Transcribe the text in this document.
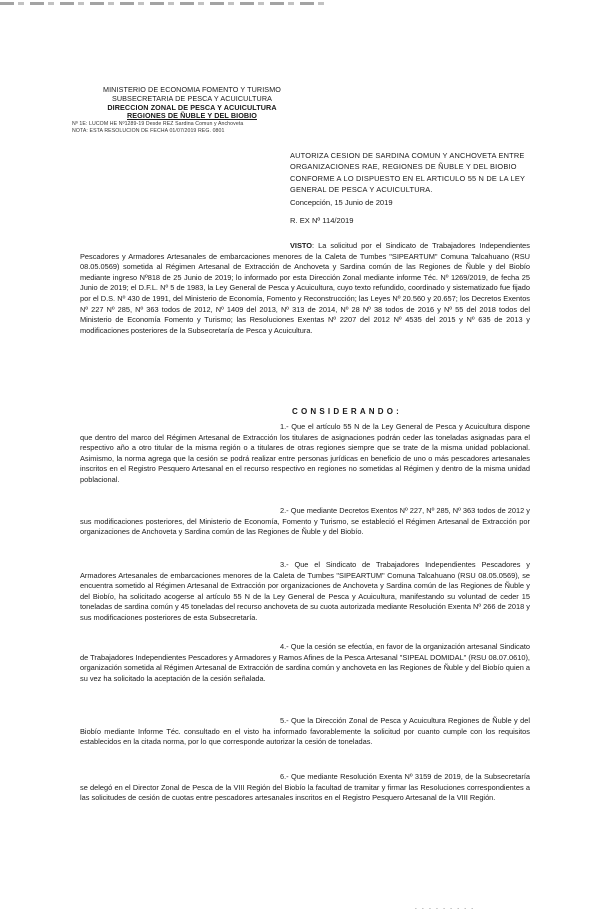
MINISTERIO DE ECONOMIA FOMENTO Y TURISMO
SUBSECRETARIA DE PESCA Y ACUICULTURA
DIRECCION ZONAL DE PESCA Y ACUICULTURA
REGIONES DE ÑUBLE Y DEL BIOBIO
Nº 1E: LUCOM HE Nº1289-19 Desde REZ Sardina Comun y Anchoveta
NOTA: ESTA RESOLUCION DE FECHA 01/07/2019 REG. 0801
AUTORIZA CESION DE SARDINA COMUN Y ANCHOVETA ENTRE ORGANIZACIONES RAE, REGIONES DE ÑUBLE Y DEL BIOBIO CONFORME A LO DISPUESTO EN EL ARTICULO 55 N DE LA LEY GENERAL DE PESCA Y ACUICULTURA.
Concepción, 15 Junio de 2019
R. EX Nº 114/2019
VISTO: La solicitud por el Sindicato de Trabajadores Independientes Pescadores y Armadores Artesanales de embarcaciones menores de la Caleta de Tumbes "SIPEARTUM" Comuna Talcahuano (RSU 08.05.0569) sometida al Régimen Artesanal de Extracción de Anchoveta y Sardina común de las Regiones de Ñuble y del Biobío mediante ingreso Nº818 de 25 Junio de 2019; lo informado por esta Dirección Zonal mediante informe Téc. Nº 1269/2019, de fecha 25 Junio de 2019; el D.F.L. Nº 5 de 1983, la Ley General de Pesca y Acuicultura, cuyo texto refundido, coordinado y sistematizado fue fijado por el D.S. Nº 430 de 1991, del Ministerio de Economía, Fomento y Reconstrucción; las Leyes Nº 20.560 y 20.657; los Decretos Exentos Nº 227 Nº 285, Nº 363 todos de 2012, Nº 1409 del 2013, Nº 313 de 2014, Nº 28 Nº 38 todos de 2016 y Nº 55 del 2018 todos del Ministerio de Economía Fomento y Turismo; las Resoluciones Exentas Nº 2207 del 2012 Nº 4535 del 2015 y Nº 635 de 2013 y modificaciones posteriores de la Subsecretaría de Pesca y Acuicultura.
CONSIDERANDO:
1.- Que el artículo 55 N de la Ley General de Pesca y Acuicultura dispone que dentro del marco del Régimen Artesanal de Extracción los titulares de asignaciones podrán ceder las toneladas asignadas para el respectivo año a otro titular de la misma región o a titulares de otras regiones siempre que se trate de la misma unidad poblacional. Asimismo, la norma agrega que la cesión se podrá realizar entre personas jurídicas en beneficio de uno o más pescadores artesanales inscritos en el Registro Pesquero Artesanal en el recurso respectivo en regiones no sometidas al Régimen y dentro de la misma unidad poblacional.
2.- Que mediante Decretos Exentos Nº 227, Nº 285, Nº 363 todos de 2012 y sus modificaciones posteriores, del Ministerio de Economía, Fomento y Turismo, se estableció el Régimen Artesanal de Extracción por organizaciones de Anchoveta y Sardina común de las Regiones de Ñuble y del Biobío.
3.- Que el Sindicato de Trabajadores Independientes Pescadores y Armadores Artesanales de embarcaciones menores de la Caleta de Tumbes "SIPEARTUM" Comuna Talcahuano (RSU 08.05.0569), se encuentra sometido al Régimen Artesanal de Extracción por organizaciones de Anchoveta y Sardina común de las Regiones de Ñuble y del Biobío, ha solicitado acogerse al artículo 55 N de la Ley General de Pesca y Acuicultura, manifestando su voluntad de ceder 15 toneladas de sardina común y 45 toneladas del recurso anchoveta de su cuota autorizada mediante Resolución Exenta Nº 266 de 2018 y sus modificaciones posteriores de esta Subsecretaría.
4.- Que la cesión se efectúa, en favor de la organización artesanal Sindicato de Trabajadores Independientes Pescadores y Armadores y Ramos Afines de la Pesca Artesanal "SIPEAL DOMIDAL" (RSU 08.07.0610), organización sometida al Régimen Artesanal de Extracción de sardina común y anchoveta en las Regiones de Ñuble y del Biobío quien a su vez ha solicitado la aceptación de la cesión señalada.
5.- Que la Dirección Zonal de Pesca y Acuicultura Regiones de Ñuble y del Biobío mediante Informe Téc. consultado en el visto ha informado favorablemente la solicitud por cuanto cumple con los requisitos establecidos en la citada norma, por lo que corresponde autorizar la cesión de toneladas.
6.- Que mediante Resolución Exenta Nº 3159 de 2019, de la Subsecretaría se delegó en el Director Zonal de Pesca de la VIII Región del Biobío la facultad de tramitar y firmar las Resoluciones correspondientes a las solicitudes de cesión de cuotas entre pescadores artesanales inscritos en el Registro Pesquero Artesanal de la VIII Región.
- - - - - - - - -
